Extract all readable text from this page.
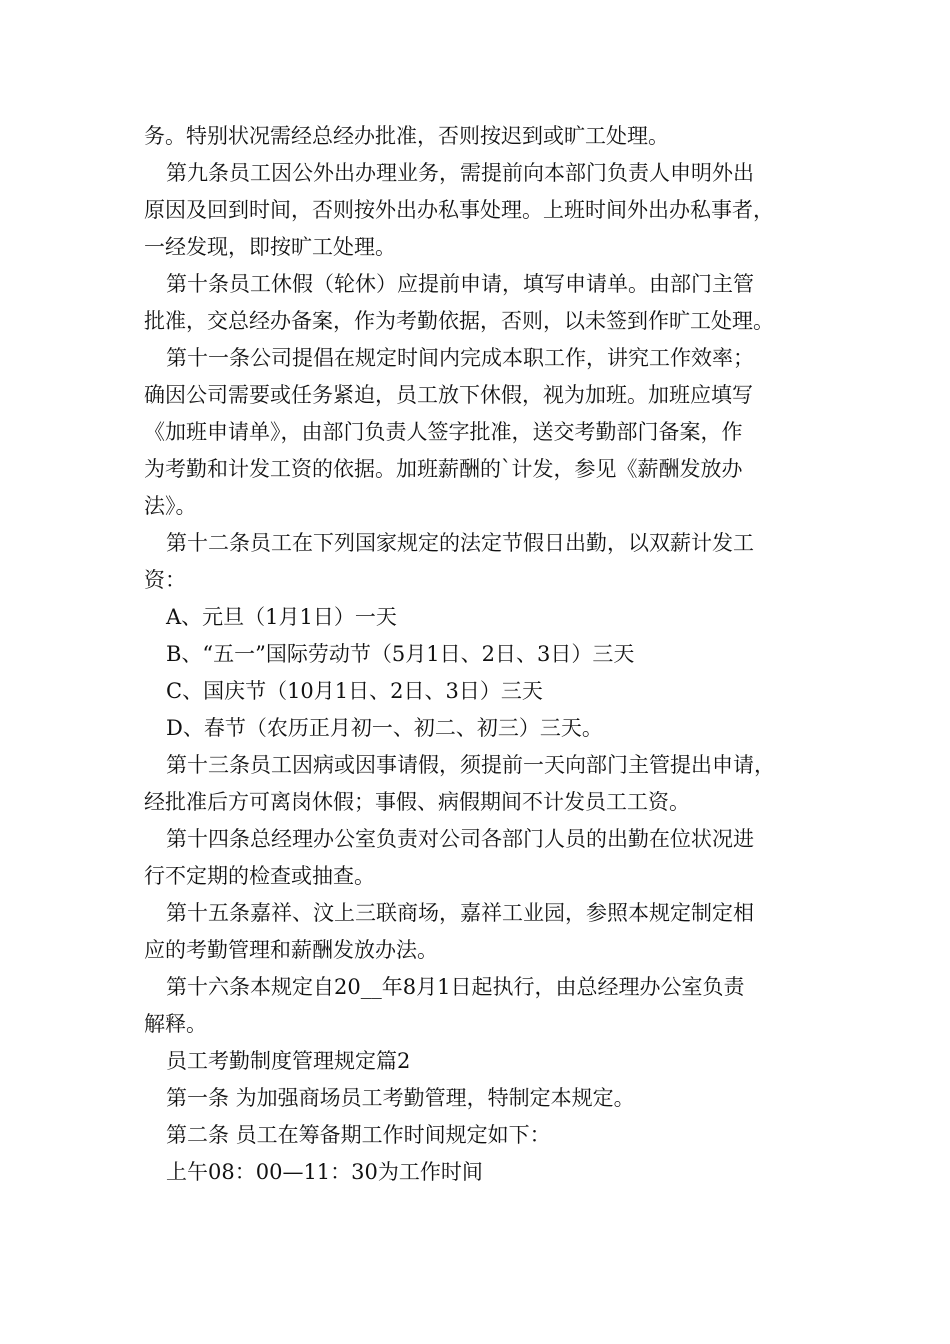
务。特别状况需经总经办批准，否则按迟到或旷工处理。
第九条员工因公外出办理业务，需提前向本部门负责人申明外出
原因及回到时间，否则按外出办私事处理。上班时间外出办私事者，
一经发现，即按旷工处理。
第十条员工休假（轮休）应提前申请，填写申请单。由部门主管
批准，交总经办备案，作为考勤依据，否则，以未签到作旷工处理。
第十一条公司提倡在规定时间内完成本职工作，讲究工作效率；
确因公司需要或任务紧迫，员工放下休假，视为加班。加班应填写
《加班申请单》，由部门负责人签字批准，送交考勤部门备案，作
为考勤和计发工资的依据。加班薪酬的`计发，参见《薪酬发放办
法》。
第十二条员工在下列国家规定的法定节假日出勤，以双薪计发工
资：
A、元旦（1月1日）一天
B、“五一”国际劳动节（5月1日、2日、3日）三天
C、国庆节（10月1日、2日、3日）三天
D、春节（农历正月初一、初二、初三）三天。
第十三条员工因病或因事请假，须提前一天向部门主管提出申请，
经批准后方可离岗休假；事假、病假期间不计发员工工资。
第十四条总经理办公室负责对公司各部门人员的出勤在位状况进
行不定期的检查或抽查。
第十五条嘉祥、汶上三联商场，嘉祥工业园，参照本规定制定相
应的考勤管理和薪酬发放办法。
第十六条本规定自20__年8月1日起执行，由总经理办公室负责
解释。
员工考勤制度管理规定篇2
第一条 为加强商场员工考勤管理，特制定本规定。
第二条 员工在筹备期工作时间规定如下：
上午08：00—11：30为工作时间
